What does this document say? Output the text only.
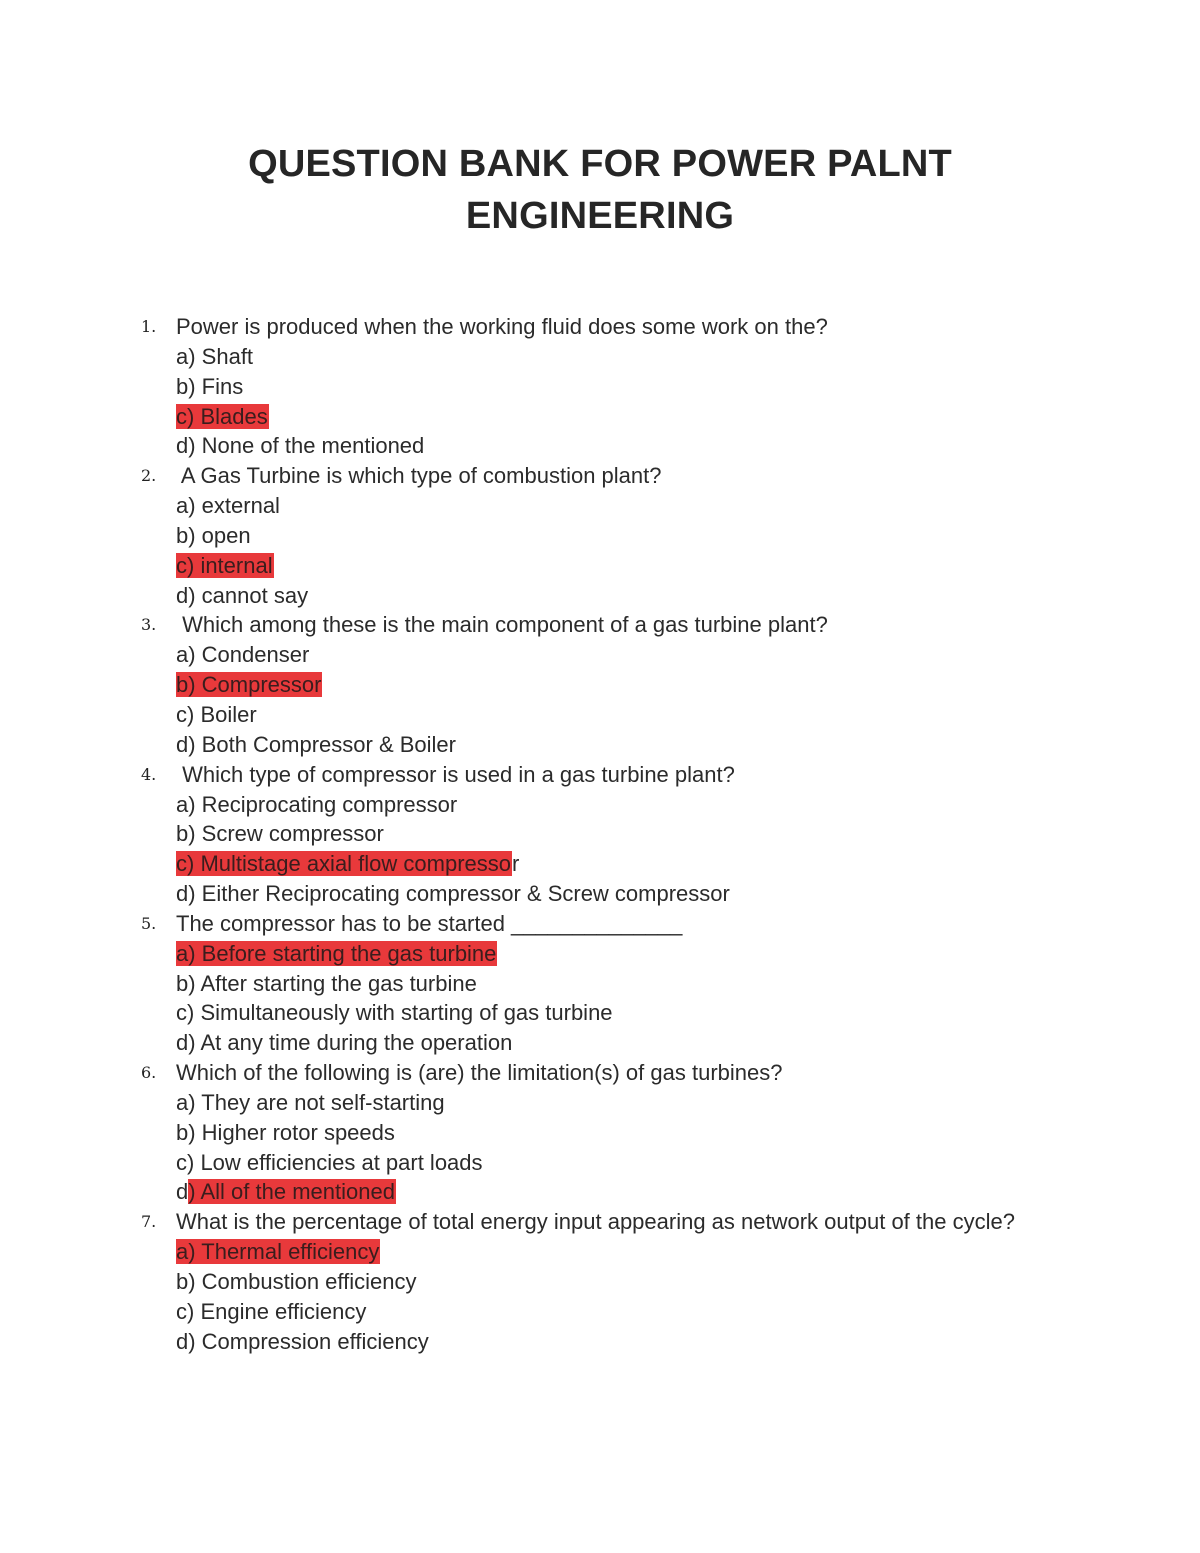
QUESTION BANK FOR POWER PALNT
ENGINEERING
1. Power is produced when the working fluid does some work on the?
a) Shaft
b) Fins
c) Blades
d) None of the mentioned
2. A Gas Turbine is which type of combustion plant?
a) external
b) open
c) internal
d) cannot say
3. Which among these is the main component of a gas turbine plant?
a) Condenser
b) Compressor
c) Boiler
d) Both Compressor & Boiler
4. Which type of compressor is used in a gas turbine plant?
a) Reciprocating compressor
b) Screw compressor
c) Multistage axial flow compressor
d) Either Reciprocating compressor & Screw compressor
5. The compressor has to be started ______________
a) Before starting the gas turbine
b) After starting the gas turbine
c) Simultaneously with starting of gas turbine
d) At any time during the operation
6. Which of the following is (are) the limitation(s) of gas turbines?
a) They are not self-starting
b) Higher rotor speeds
c) Low efficiencies at part loads
d) All of the mentioned
7. What is the percentage of total energy input appearing as network output of the cycle?
a) Thermal efficiency
b) Combustion efficiency
c) Engine efficiency
d) Compression efficiency
